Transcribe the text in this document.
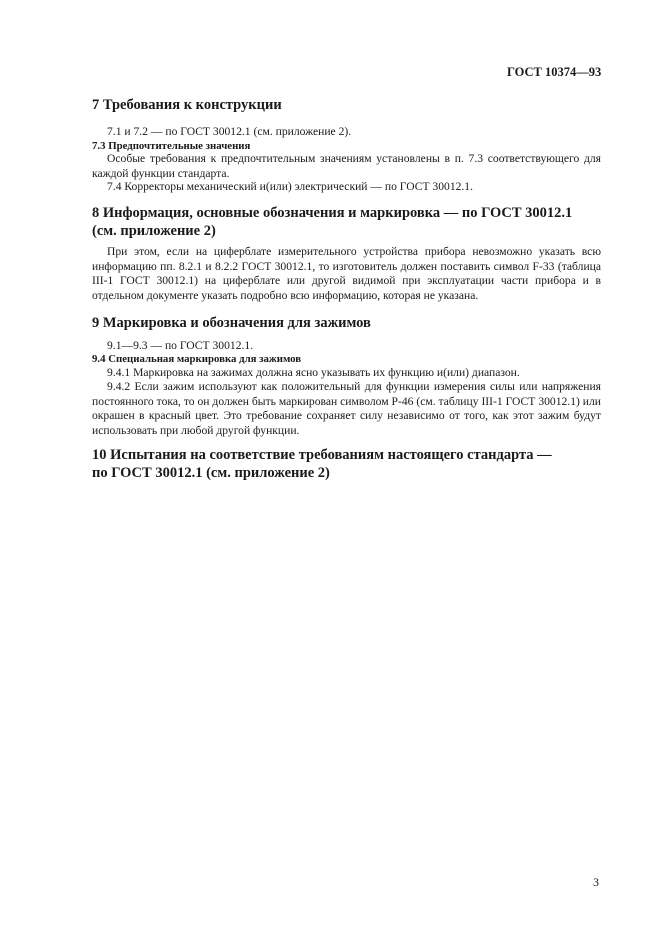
ГОСТ 10374—93
7 Требования к конструкции
7.1 и 7.2 — по ГОСТ 30012.1 (см. приложение 2).
7.3 Предпочтительные значения
Особые требования к предпочтительным значениям установлены в п. 7.3 соответствующего для каждой функции стандарта.
7.4 Корректоры механический и(или) электрический — по ГОСТ 30012.1.
8 Информация, основные обозначения и маркировка — по ГОСТ 30012.1
(см. приложение 2)
При этом, если на циферблате измерительного устройства прибора невозможно указать всю информацию пп. 8.2.1 и 8.2.2 ГОСТ 30012.1, то изготовитель должен поставить символ F-33 (таблица III-1 ГОСТ 30012.1) на циферблате или другой видимой при эксплуатации части прибора и в отдельном документе указать подробно всю информацию, которая не указана.
9 Маркировка и обозначения для зажимов
9.1—9.3 — по ГОСТ 30012.1.
9.4 Специальная маркировка для зажимов
9.4.1 Маркировка на зажимах должна ясно указывать их функцию и(или) диапазон.
9.4.2 Если зажим используют как положительный для функции измерения силы или напряжения постоянного тока, то он должен быть маркирован символом Р-46 (см. таблицу III-1 ГОСТ 30012.1) или окрашен в красный цвет. Это требование сохраняет силу независимо от того, как этот зажим будут использовать при любой другой функции.
10 Испытания на соответствие требованиям настоящего стандарта —
по ГОСТ 30012.1 (см. приложение 2)
3
